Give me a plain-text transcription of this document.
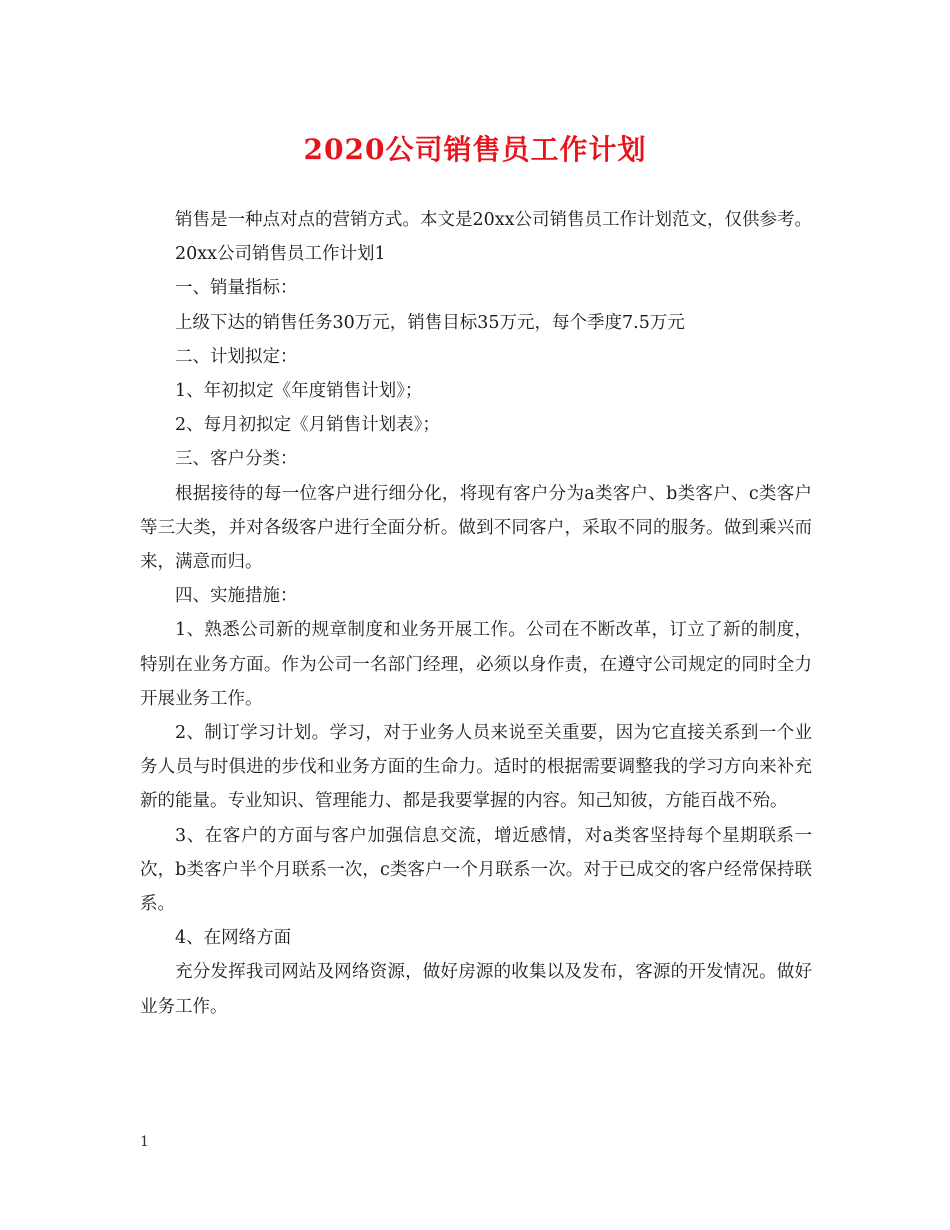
2020公司销售员工作计划

销售是一种点对点的营销方式。本文是20xx公司销售员工作计划范文，仅供参考。

20xx公司销售员工作计划1

一、销量指标：

上级下达的销售任务30万元，销售目标35万元，每个季度7.5万元

二、计划拟定：

1、年初拟定《年度销售计划》；

2、每月初拟定《月销售计划表》；

三、客户分类：

根据接待的每一位客户进行细分化，将现有客户分为a类客户、b类客户、c类客户等三大类，并对各级客户进行全面分析。做到不同客户，采取不同的服务。做到乘兴而来，满意而归。

四、实施措施：

1、熟悉公司新的规章制度和业务开展工作。公司在不断改革，订立了新的制度，特别在业务方面。作为公司一名部门经理，必须以身作责，在遵守公司规定的同时全力开展业务工作。

2、制订学习计划。学习，对于业务人员来说至关重要，因为它直接关系到一个业务人员与时俱进的步伐和业务方面的生命力。适时的根据需要调整我的学习方向来补充新的能量。专业知识、管理能力、都是我要掌握的内容。知己知彼，方能百战不殆。

3、在客户的方面与客户加强信息交流，增近感情，对a类客坚持每个星期联系一次，b类客户半个月联系一次，c类客户一个月联系一次。对于已成交的客户经常保持联系。

4、在网络方面

充分发挥我司网站及网络资源，做好房源的收集以及发布，客源的开发情况。做好业务工作。

1
